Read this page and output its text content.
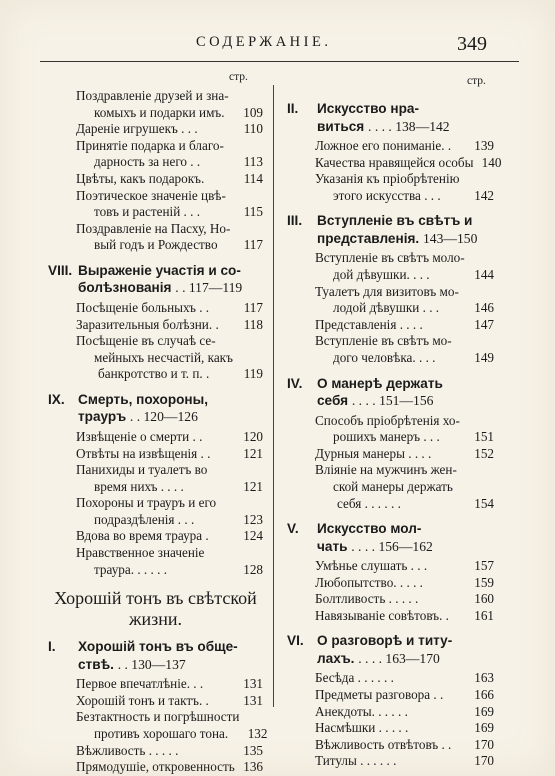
СОДЕРЖАНІЕ.	349
стр.	стр.
Поздравленіе друзей и зна-
комыхъ и подарки имъ.	109
Дареніе игрушекъ . . .	110
Принятіе подарка и благо-
дарность за него . .	113
Цвѣты, какъ подарокъ.	114
Поэтическое значеніе цвѣ-
товъ и растеній . . .	115
Поздравленіе на Пасху, Но-
вый годъ и Рождество	117
VIII. Выраженіе участія и со-
болѣзнованія . . 117—119
Посѣщеніе больныхъ . .	117
Зарaзительныя болѣзни. .	118
Посѣщеніе въ случаѣ се-
мейныхъ несчастій, какъ
банкротство и т. п. .	119
IX. Смерть, похороны,
трауръ . . 120—126
Извѣщеніе о смерти . .	120
Отвѣты на извѣщенія . .	121
Панихиды и туалетъ во
время нихъ . . . .	121
Похороны и трауръ и его
подраздѣленія . . .	123
Вдова во время траура .	124
Нравственное значеніе
траура. . . . . .	128
Хорошій тонъ въ свѣтской жизни.
I.	Хорошій тонъ въ обще-
ствѣ. . . 130—137
Первое впечатлѣніе. . .	131
Хорошій тонъ и тактъ. .	131
Безтактность и погрѣшности
противъ хорошаго тона.	132
Вѣжливость . . . . .	135
Прямодушіе, откровенность 136
II.	Искусство нра-
виться . . . . 138—142
Ложное его пониманіе. .	139
Качества нравящейся особы 140
Указанія къ пріобрѣтенію
этого искусства . . .	142
III.	Вступленіе въ свѣтъ и
представленія. 143—150
Вступленіе въ свѣтъ моло-
дой дѣвушки. . . .	144
Туалетъ для визитовъ мо-
лодой дѣвушки . . .	146
Представленія . . . .	147
Вступленіе въ свѣтъ мо-
дого человѣка. . . .	149
IV.	О манерѣ держать
себя . . . . 151—156
Способъ пріобрѣтенія хо-
рошихъ манеръ . . .	151
Дурныя манеры . . . .	152
Вліяніе на мужчинъ жен-
ской манеры держать
себя . . . . . .	154
V.	Искусство мол-
чать . . . . 156—162
Умѣнье слушать . . .	157
Любопытство. . . . .	159
Болтливость . . . . .	160
Навязываніе совѣтовъ. .	161
VI. О разговорѣ и титу-
лахъ. . . . . 163—170
Бесѣда . . . . . .	163
Предметы разговора . .	166
Анекдоты. . . . . .	169
Насмѣшки . . . . .	169
Вѣжливость отвѣтовъ . .	170
Титулы . . . . . .	170
